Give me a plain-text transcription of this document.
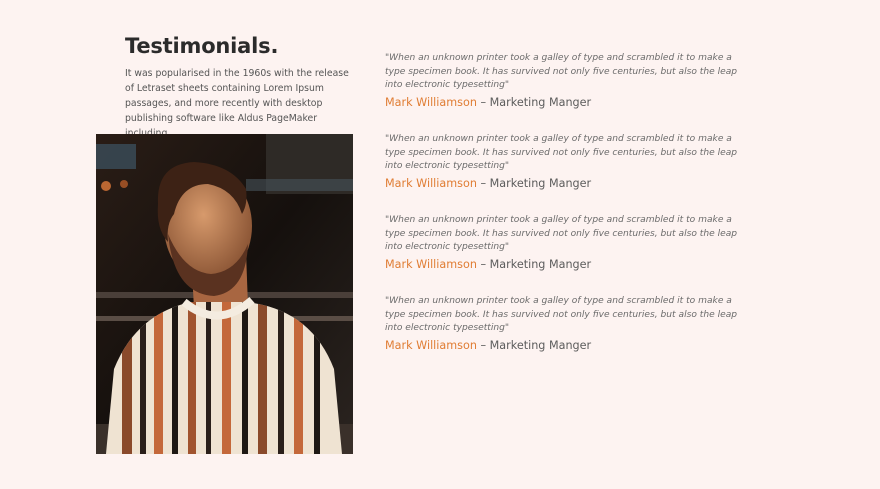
Testimonials.

It was popularised in the 1960s with the release of Letraset sheets containing Lorem Ipsum passages, and more recently with desktop publishing software like Aldus PageMaker

"When an unknown printer took a galley of type and scrambled it to make a type specimen book. It has survived not only five centuries, but also the leap into electronic typesetting"

Mark Williamson – Marketing Manger

"When an unknown printer took a galley of type and scrambled it to make a type specimen book. It has survived not only five centuries, but also the leap into electronic typesetting"

Mark Williamson – Marketing Manger

"When an unknown printer took a galley of type and scrambled it to make a type specimen book. It has survived not only five centuries, but also the leap into electronic typesetting"

Mark Williamson – Marketing Manger

"When an unknown printer took a galley of type and scrambled it to make a type specimen book. It has survived not only five centuries, but also the leap into electronic typesetting"

Mark Williamson – Marketing Manger
